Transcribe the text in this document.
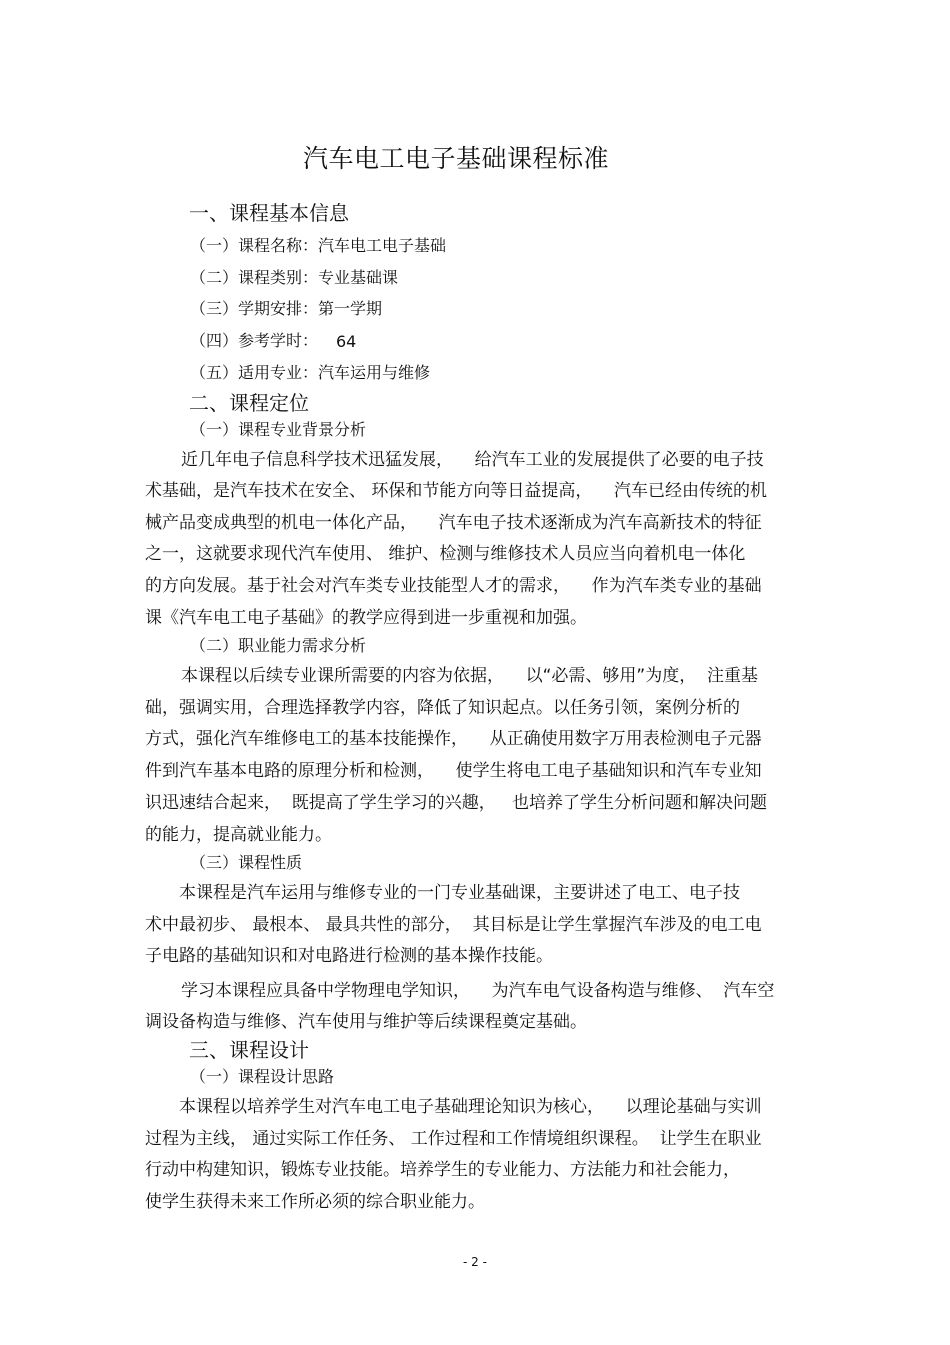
汽车电工电子基础课程标准
一、课程基本信息
（一）课程名称：汽车电工电子基础
（二）课程类别：专业基础课
（三）学期安排：第一学期
（四）参考学时： 64
（五）适用专业：汽车运用与维修
二、课程定位
（一）课程专业背景分析
近几年电子信息科学技术迅猛发展，    给汽车工业的发展提供了必要的电子技
术基础，是汽车技术在安全、 环保和节能方向等日益提高，    汽车已经由传统的机
械产品变成典型的机电一体化产品，    汽车电子技术逐渐成为汽车高新技术的特征
之一，这就要求现代汽车使用、 维护、检测与维修技术人员应当向着机电一体化
的方向发展。基于社会对汽车类专业技能型人才的需求，    作为汽车类专业的基础
课《汽车电工电子基础》的教学应得到进一步重视和加强。
（二）职业能力需求分析
本课程以后续专业课所需要的内容为依据，    以“必需、够用”为度，  注重基
础，强调实用，合理选择教学内容，降低了知识起点。以任务引领，案例分析的
方式，强化汽车维修电工的基本技能操作，    从正确使用数字万用表检测电子元器
件到汽车基本电路的原理分析和检测，    使学生将电工电子基础知识和汽车专业知
识迅速结合起来，  既提高了学生学习的兴趣，   也培养了学生分析问题和解决问题
的能力，提高就业能力。
（三）课程性质
本课程是汽车运用与维修专业的一门专业基础课，主要讲述了电工、电子技
术中最初步、 最根本、 最具共性的部分，  其目标是让学生掌握汽车涉及的电工电
子电路的基础知识和对电路进行检测的基本操作技能。
学习本课程应具备中学物理电学知识，    为汽车电气设备构造与维修、  汽车空
调设备构造与维修、汽车使用与维护等后续课程奠定基础。
三、课程设计
（一）课程设计思路
本课程以培养学生对汽车电工电子基础理论知识为核心，    以理论基础与实训
过程为主线， 通过实际工作任务、 工作过程和工作情境组织课程。  让学生在职业
行动中构建知识，锻炼专业技能。培养学生的专业能力、方法能力和社会能力，
使学生获得未来工作所必须的综合职业能力。
- 2 -
